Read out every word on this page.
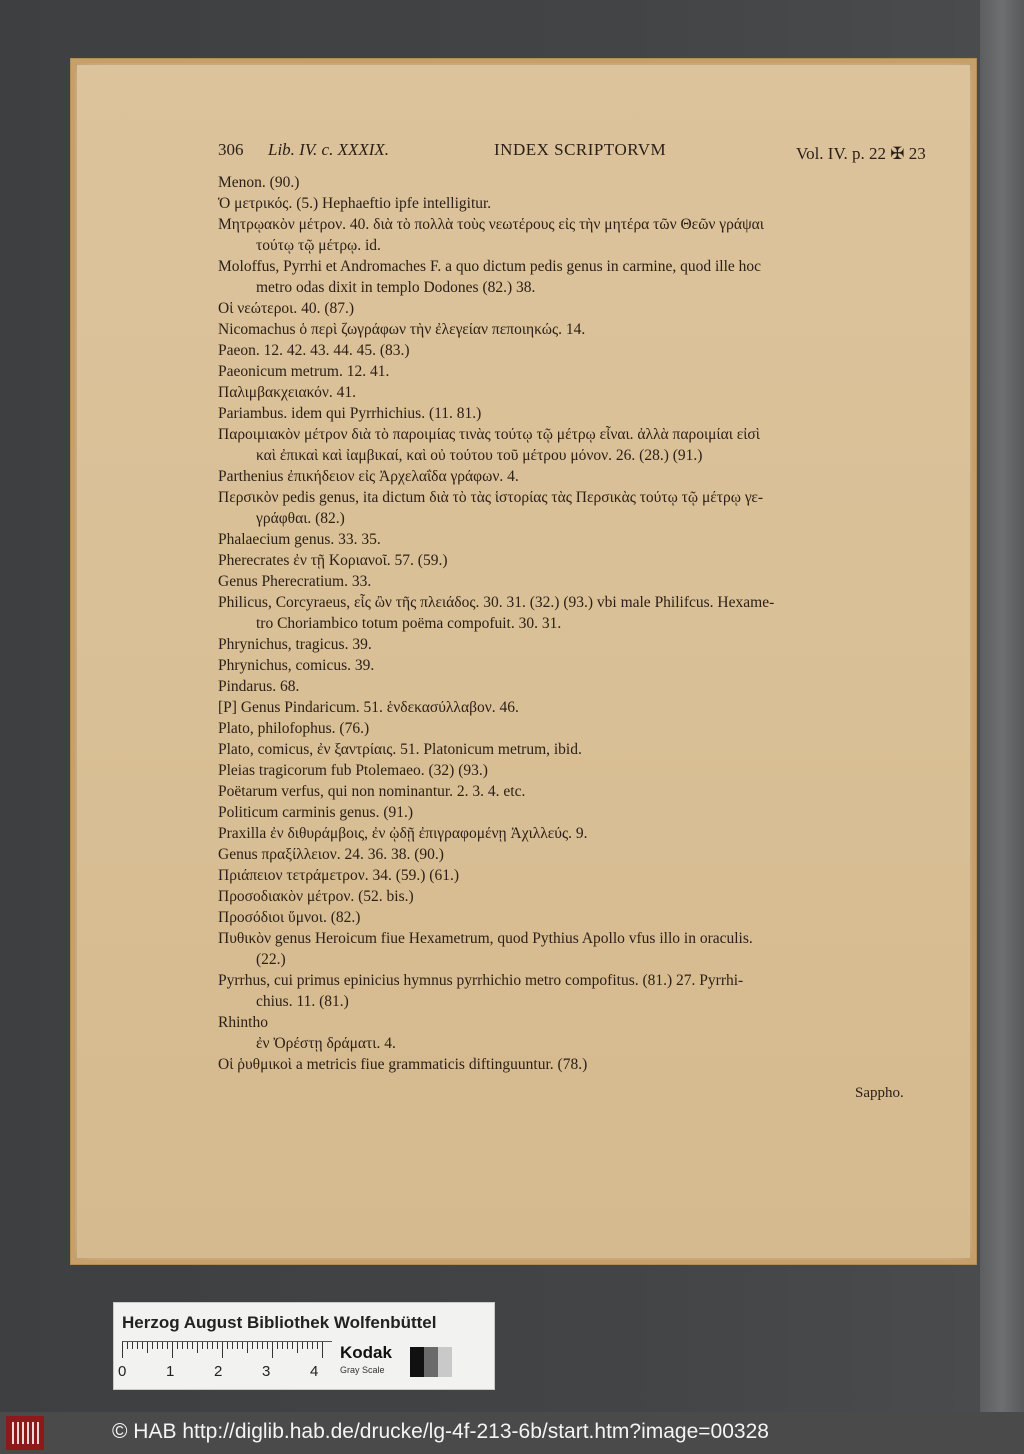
306 Lib. IV. c. XXXIX.	INDEX SCRIPTORVM	Vol. IV. p. 22 ✠ 23
Menon. (90.)
Ὁ μετρικός. (5.) Hephaeftio ipfe intelligitur.
Μητρῳακὸν μέτρον. 40. διὰ τὸ πολλὰ τοὺς νεωτέρους εἰς τὴν μητέρα τῶν Θεῶν γράψαι
τούτῳ τῷ μέτρῳ. id.
Moloffus, Pyrrhi et Andromaches F. a quo dictum pedis genus in carmine, quod ille hoc
metro odas dixit in templo Dodones (82.) 38.
Οἱ νεώτεροι. 40. (87.)
Nicomachus ὁ περὶ ζωγράφων τὴν ἐλεγείαν πεποιηκώς. 14.
Paeon. 12. 42. 43. 44. 45. (83.)
Paeonicum metrum. 12. 41.
Παλιμβακχειακόν. 41.
Pariambus. idem qui Pyrrhichius. (11. 81.)
Παροιμιακὸν μέτρον διὰ τὸ παροιμίας τινὰς τούτῳ τῷ μέτρῳ εἶναι. ἀλλὰ παροιμίαι εἰσὶ
καὶ ἐπικαὶ καὶ ἰαμβικαί, καὶ οὐ τούτου τοῦ μέτρου μόνον. 26. (28.) (91.)
Parthenius ἐπικήδειον εἰς Ἀρχελαΐδα γράφων. 4.
Περσικὸν pedis genus, ita dictum διὰ τὸ τὰς ἱστορίας τὰς Περσικὰς τούτῳ τῷ μέτρῳ γε-
γράφθαι. (82.)
Phalaecium genus. 33. 35.
Pherecrates ἐν τῇ Κοριανοῖ. 57. (59.)
Genus Pherecratium. 33.
Philicus, Corcyraeus, εἷς ὢν τῆς πλειάδος. 30. 31. (32.) (93.) vbi male Philifcus. Hexame-
tro Choriambico totum poëma compofuit. 30. 31.
Phrynichus, tragicus. 39.
Phrynichus, comicus. 39.
Pindarus. 68.
[P] Genus Pindaricum. 51. ἑνδεκασύλλαβον. 46.
Plato, philofophus. (76.)
Plato, comicus, ἐν ξαντρίαις. 51. Platonicum metrum, ibid.
Pleias tragicorum fub Ptolemaeo. (32) (93.)
Poëtarum verfus, qui non nominantur. 2. 3. 4. etc.
Politicum carminis genus. (91.)
Praxilla ἐν διθυράμβοις, ἐν ᾠδῇ ἐπιγραφομένῃ Ἀχιλλεύς. 9.
Genus πραξίλλειον. 24. 36. 38. (90.)
Πριάπειον τετράμετρον. 34. (59.) (61.)
Προσοδιακὸν μέτρον. (52. bis.)
Προσόδιοι ὕμνοι. (82.)
Πυθικὸν genus Heroicum fiue Hexametrum, quod Pythius Apollo vfus illo in oraculis.
(22.)
Pyrrhus, cui primus epinicius hymnus pyrrhichio metro compofitus. (81.) 27. Pyrrhi-
chius. 11. (81.)
Rhintho
ἐν Ὀρέστῃ δράματι. 4.
Οἱ ῥυθμικοὶ a metricis fiue grammaticis diftinguuntur. (78.)
Sappho.
Herzog August Bibliothek Wolfenbüttel
0	1	2	3	4
Kodak
Gray Scale
© HAB http://diglib.hab.de/drucke/lg-4f-213-6b/start.htm?image=00328
